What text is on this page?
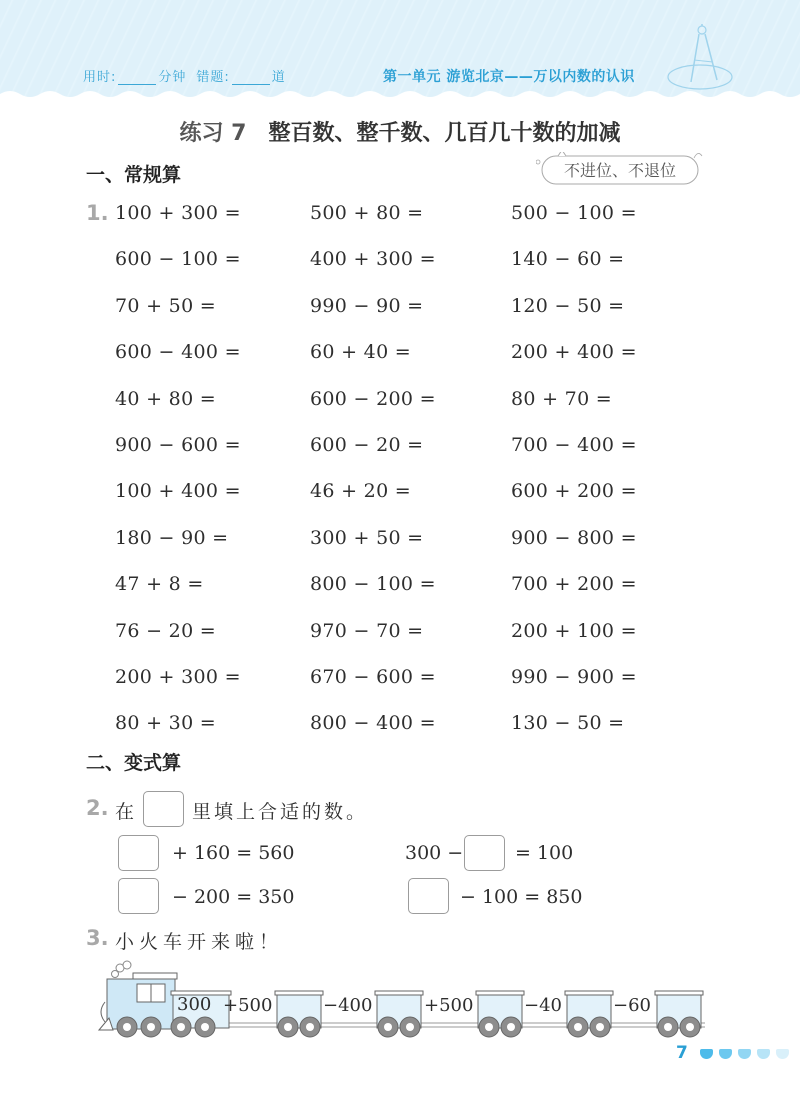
用时:	分钟 错题:	道	第一单元 游览北京——万以内数的认识
练习 7 整百数、整千数、几百几十数的加减
一、常规算	不进位、不退位
1. 100 + 300 =	500 + 80 =	500 − 100 =
600 − 100 =	400 + 300 =	140 − 60 =
70 + 50 =	990 − 90 =	120 − 50 =
600 − 400 =	60 + 40 =	200 + 400 =
40 + 80 =	600 − 200 =	80 + 70 =
900 − 600 =	600 − 20 =	700 − 400 =
100 + 400 =	46 + 20 =	600 + 200 =
180 − 90 =	300 + 50 =	900 − 800 =
47 + 8 =	800 − 100 =	700 + 200 =
76 − 20 =	970 − 70 =	200 + 100 =
200 + 300 =	670 − 600 =	990 − 900 =
80 + 30 =	800 − 400 =	130 − 50 =
二、变式算
2. 在	里填上合适的数。
+ 160 = 560	300 −	= 100
− 200 = 350	− 100 = 850
3. 小火车开来啦！
300 +500	−400	+500	−40	−60
7
